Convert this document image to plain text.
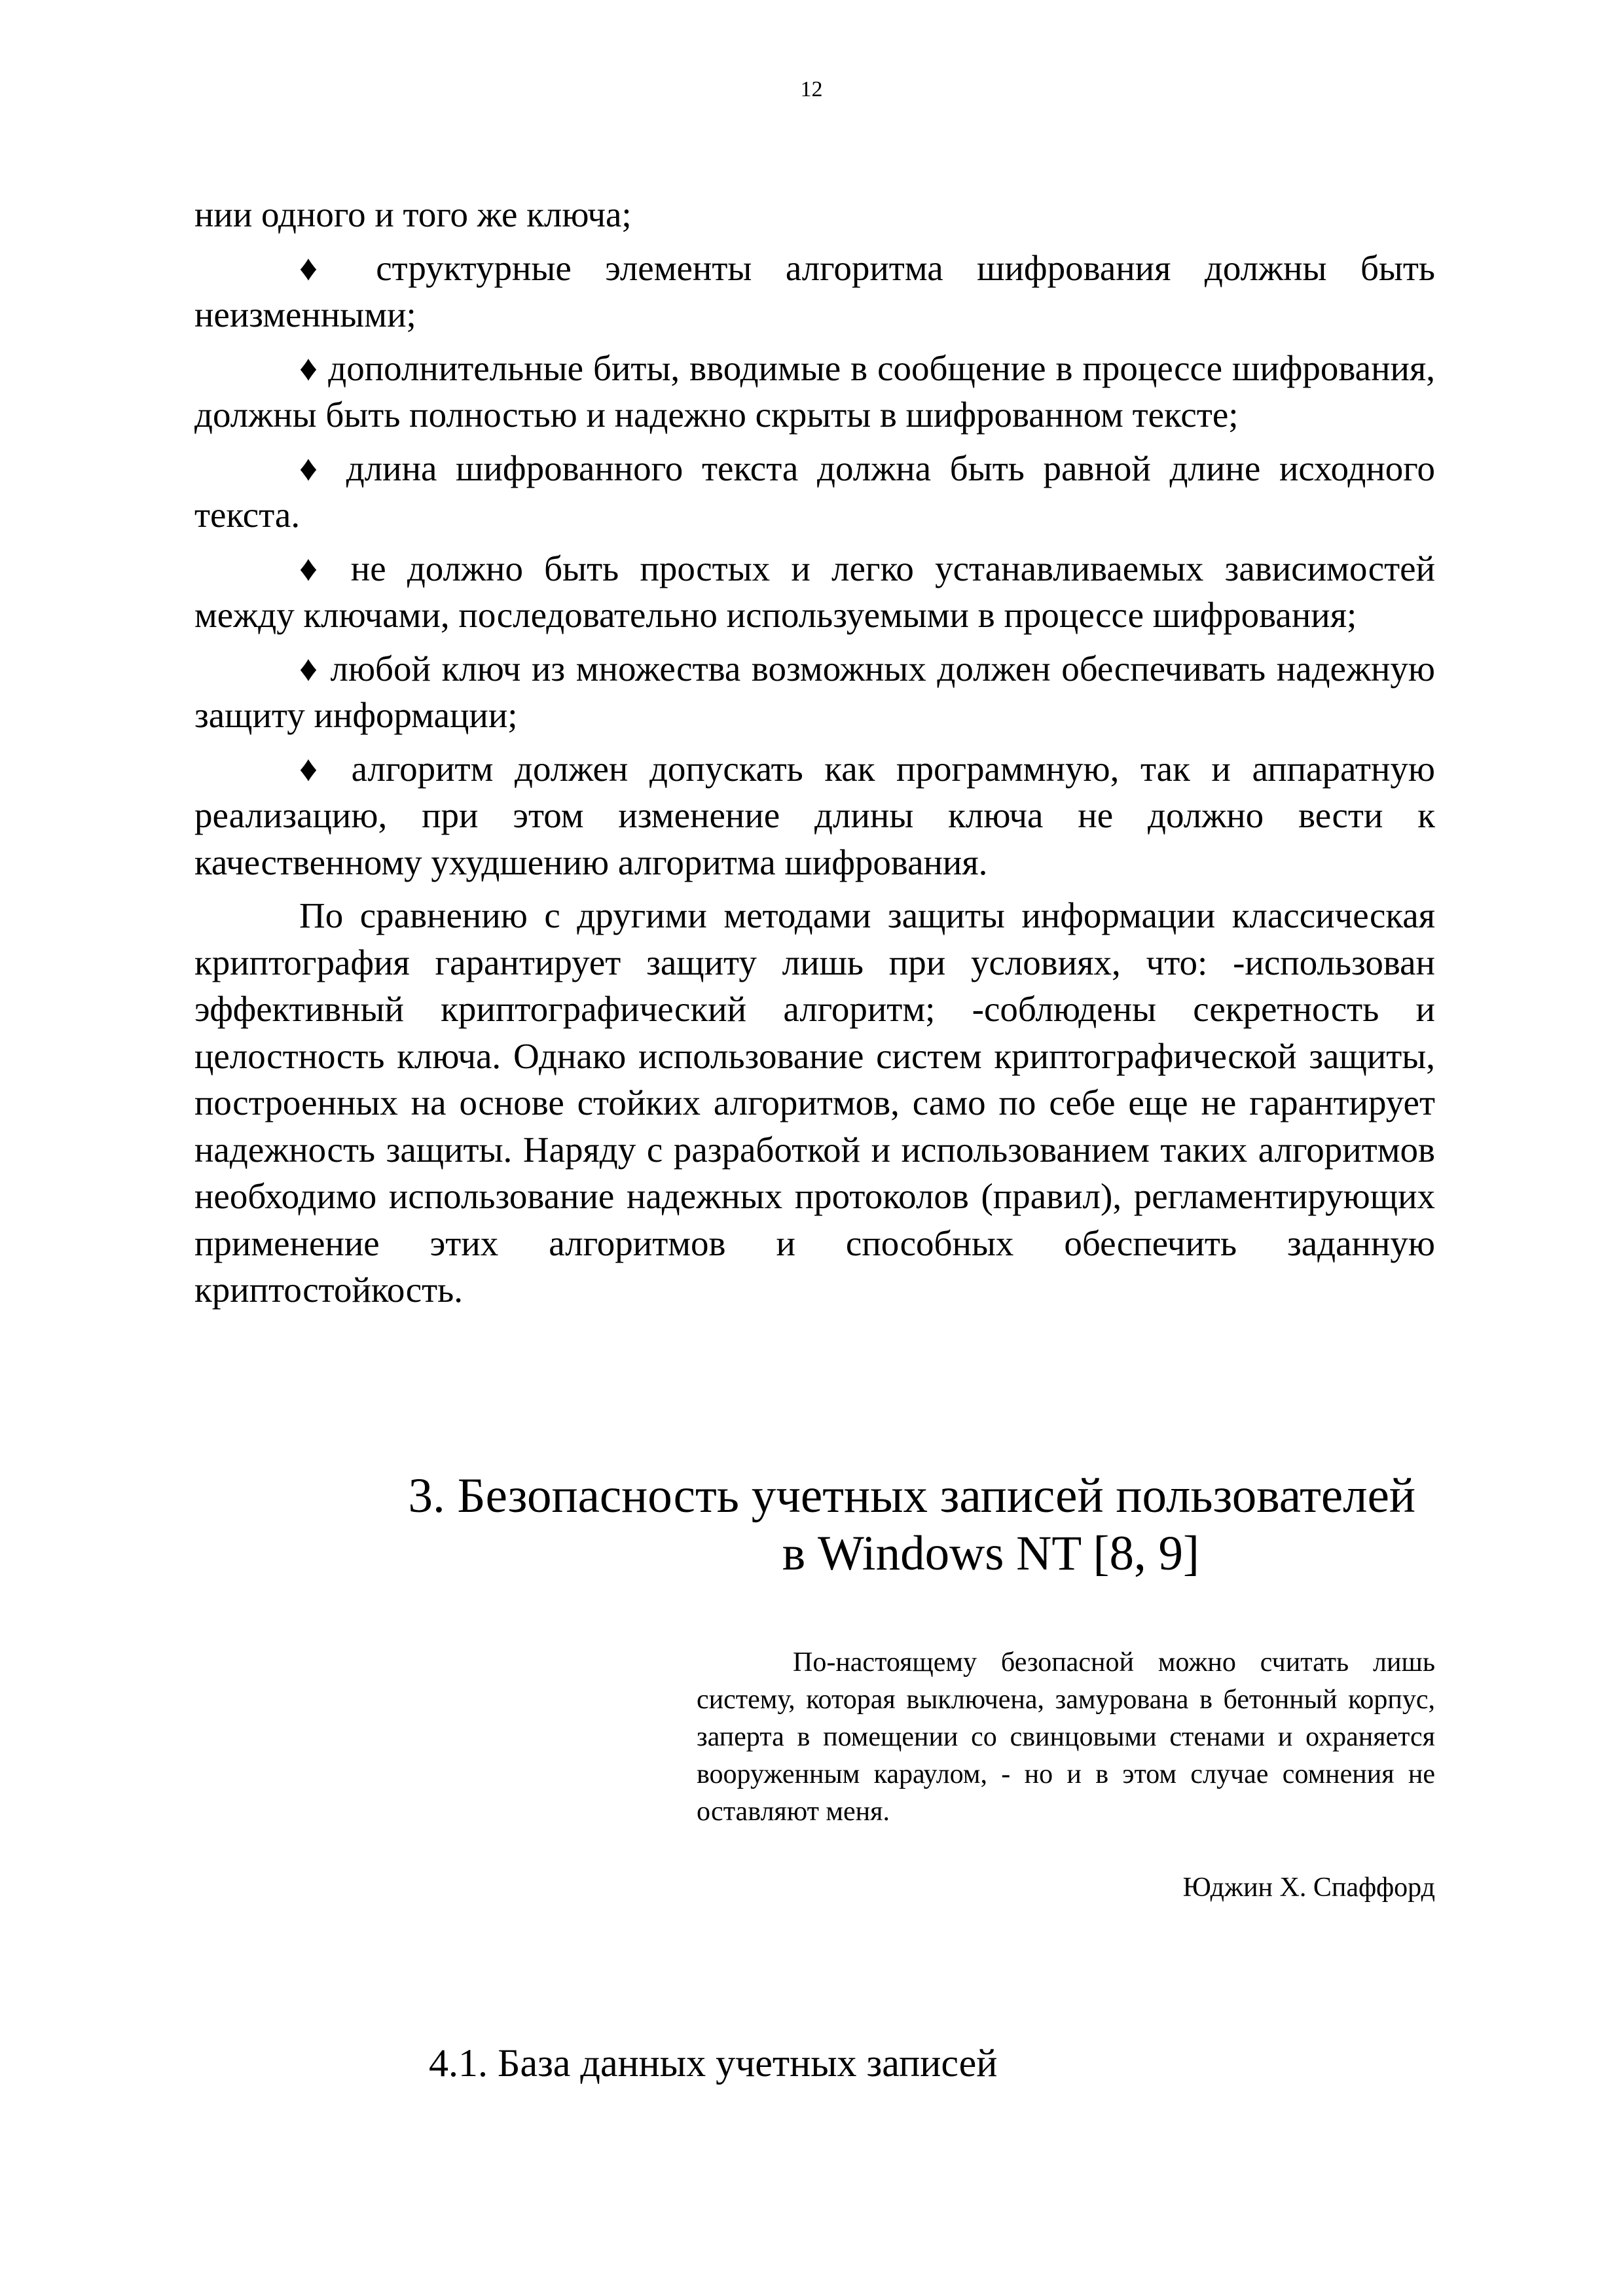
12

нии одного и того же ключа;

♦ структурные элементы алгоритма шифрования должны быть неизменными;

♦ дополнительные биты, вводимые в сообщение в процессе шифрования, должны быть полностью и надежно скрыты в шифрованном тексте;

♦ длина шифрованного текста должна быть равной длине исходного текста.

♦ не должно быть простых и легко устанавливаемых зависимостей между ключами, последовательно используемыми в процессе шифрования;

♦ любой ключ из множества возможных должен обеспечивать надежную защиту информации;

♦ алгоритм должен допускать как программную, так и аппаратную реализацию, при этом изменение длины ключа не должно вести к качественному ухудшению алгоритма шифрования.

По сравнению с другими методами защиты информации классическая криптография гарантирует защиту лишь при условиях, что: -использован эффективный криптографический алгоритм; -соблюдены секретность и целостность ключа. Однако использование систем криптографической защиты, построенных на основе стойких алгоритмов, само по себе еще не гарантирует надежность защиты. Наряду с разработкой и использованием таких алгоритмов необходимо использование надежных протоколов (правил), регламентирующих применение этих алгоритмов и способных обеспечить заданную криптостойкость.

3. Безопасность учетных записей пользователей
в Windows NT [8, 9]

По-настоящему безопасной можно считать лишь систему, которая выключена, замурована в бетонный корпус, заперта в помещении со свинцовыми стенами и охраняется вооруженным караулом, - но и в этом случае сомнения не оставляют меня.

Юджин Х. Спаффорд

4.1. База данных учетных записей
